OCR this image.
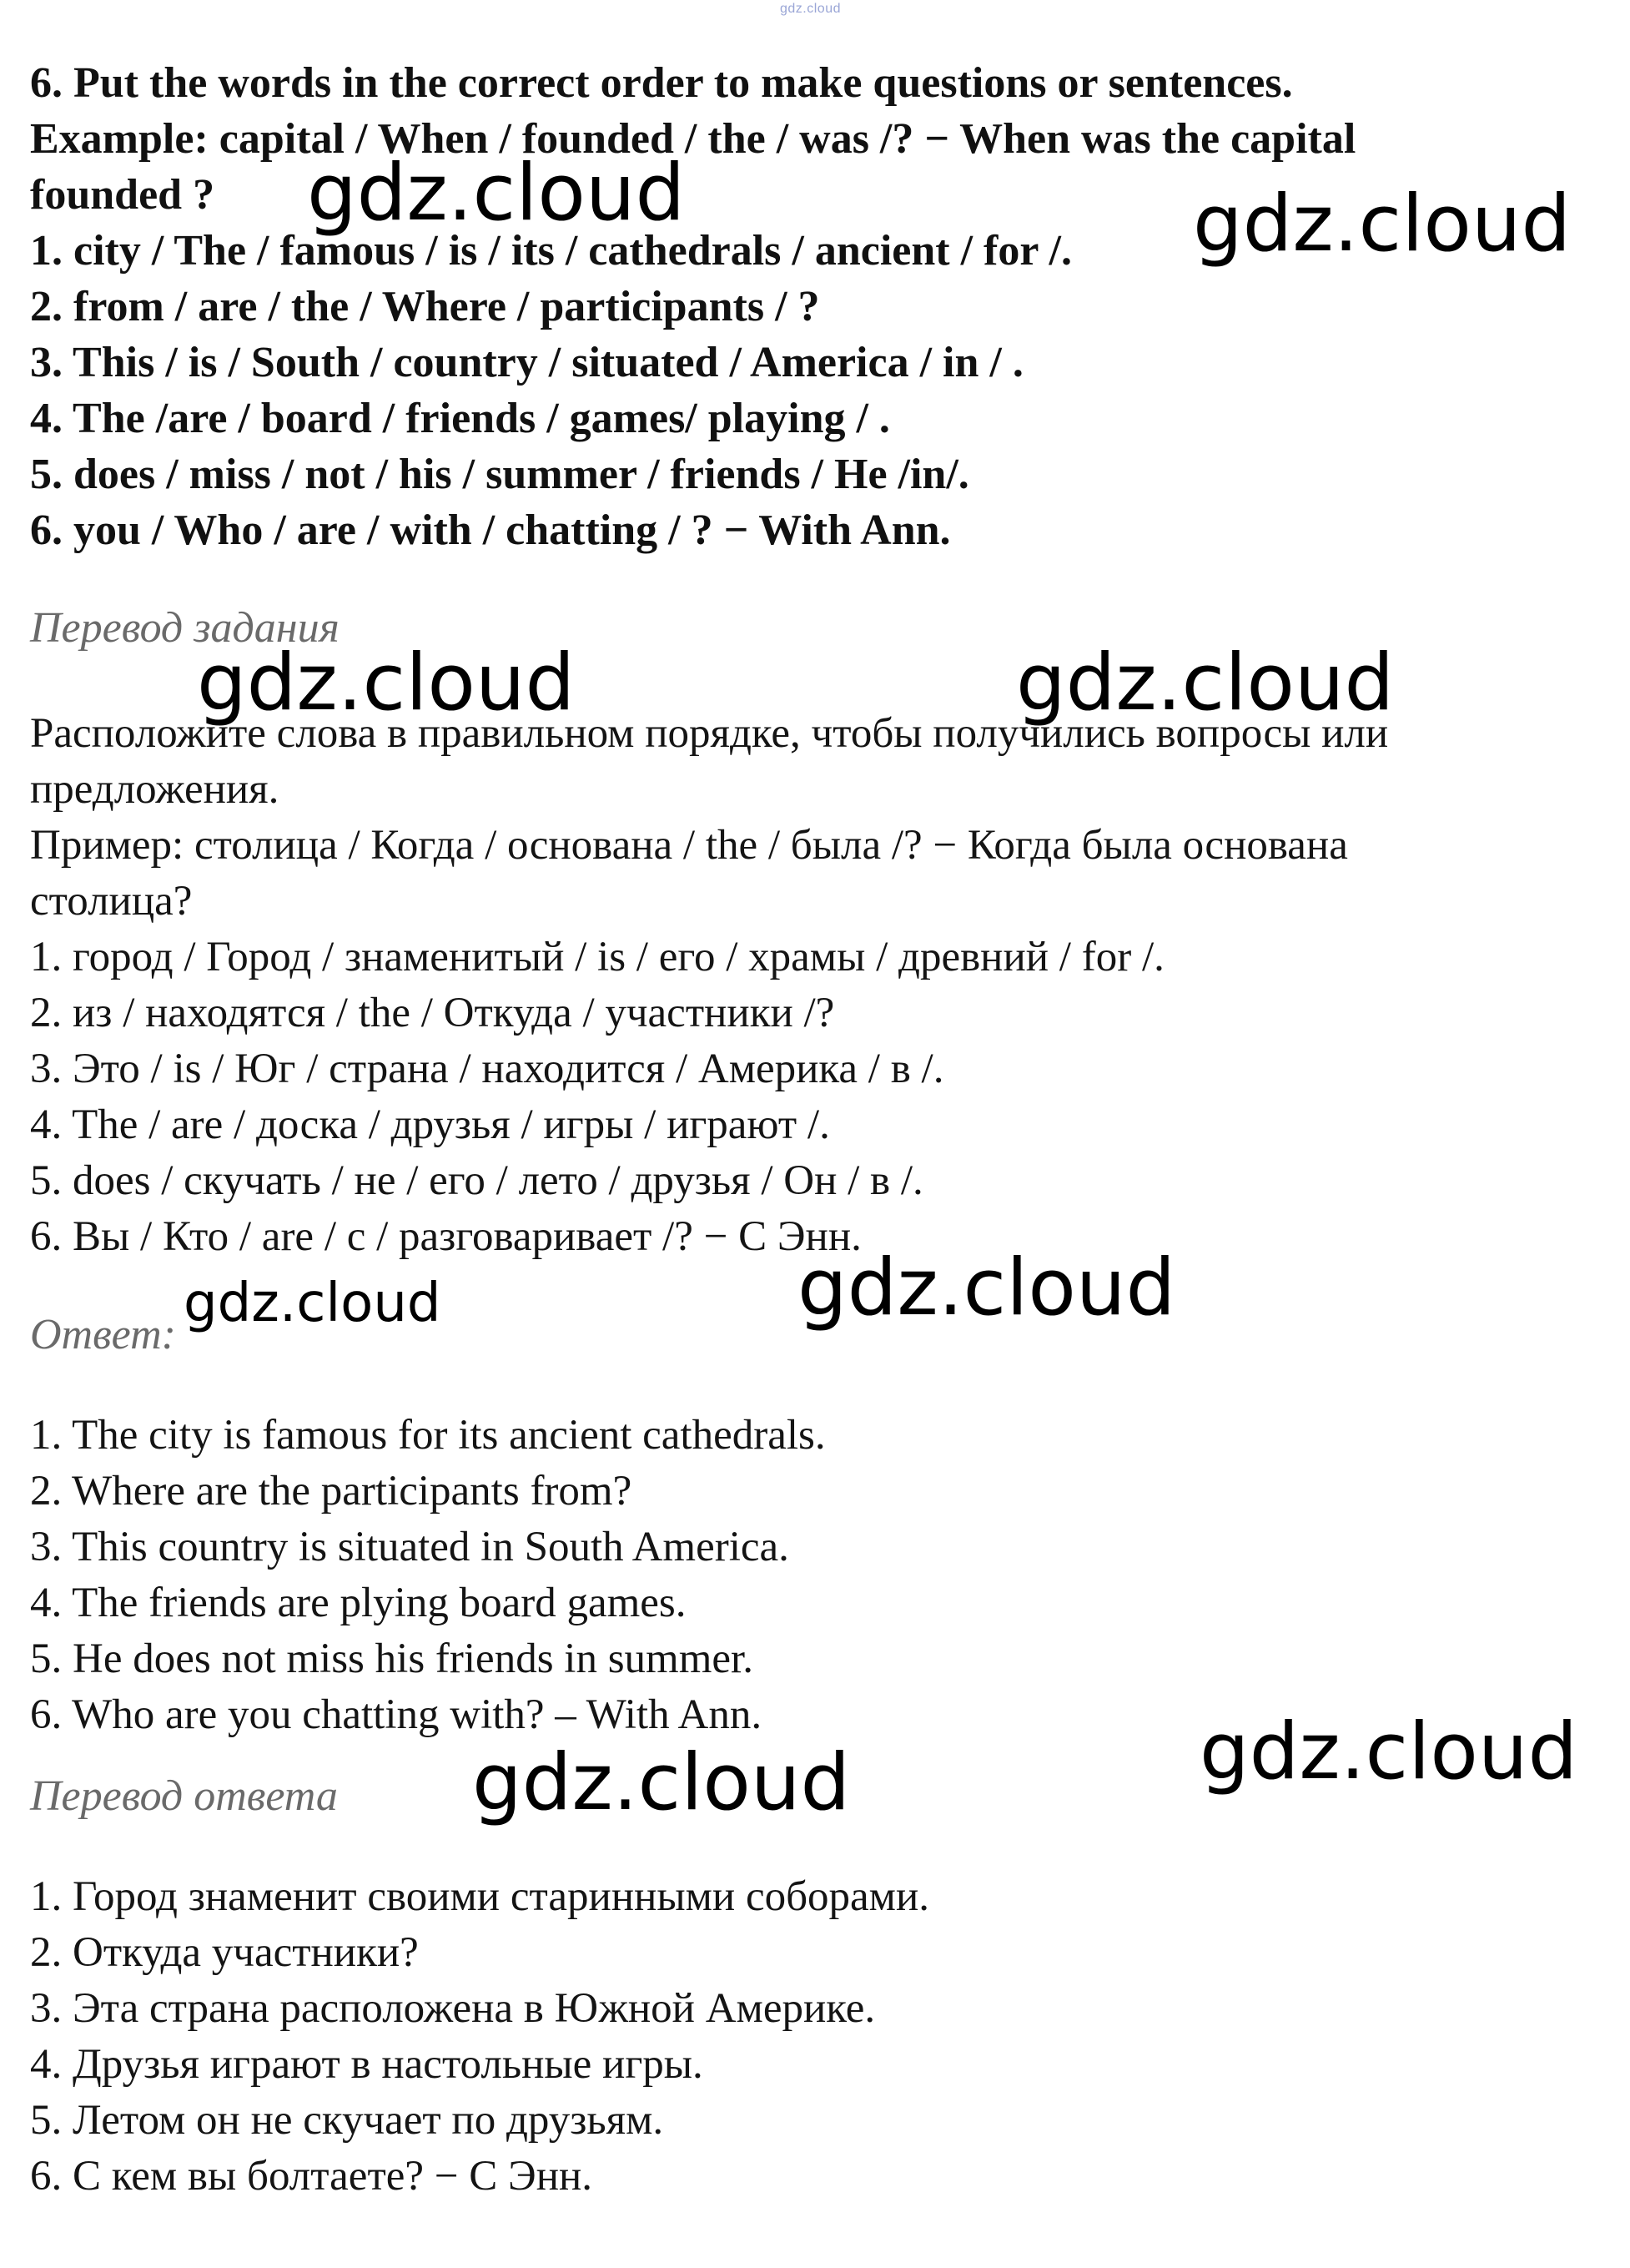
gdz.cloud
6. Put the words in the correct order to make questions or sentences.
Example: capital / When / founded / the / was /? − When was the capital
founded ?
1. city / The / famous / is / its / cathedrals / ancient / for /.
2. from / are / the / Where / participants / ?
3. This / is / South / country / situated / America / in / .
4. The /are / board / friends / games/ playing / .
5. does / miss / not / his / summer / friends / He /in/.
6. you / Who / are / with / chatting / ? − With Ann.
Перевод задания
Расположите слова в правильном порядке, чтобы получились вопросы или
предложения.
Пример: столица / Когда / основана / the / была /? − Когда была основана
столица?
1. город / Город / знаменитый / is / его / храмы / древний / for /.
2. из / находятся / the / Откуда / участники /?
3. Это / is / Юг / страна / находится / Америка / в /.
4. The / are / доска / друзья / игры / играют /.
5. does / скучать / не / его / лето / друзья / Он / в /.
6. Вы / Кто / are / с / разговаривает /? − С Энн.
Ответ:
1. The city is famous for its ancient cathedrals.
2. Where are the participants from?
3. This country is situated in South America.
4. The friends are plying board games.
5. He does not miss his friends in summer.
6. Who are you chatting with? – With Ann.
Перевод ответа
1. Город знаменит своими старинными соборами.
2. Откуда участники?
3. Эта страна расположена в Южной Америке.
4. Друзья играют в настольные игры.
5. Летом он не скучает по друзьям.
6. С кем вы болтаете? − С Энн.
gdz.cloud	gdz.cloud
gdz.cloud	gdz.cloud
gdz.cloud
gdz.cloud
gdz.cloud
gdz.cloud
